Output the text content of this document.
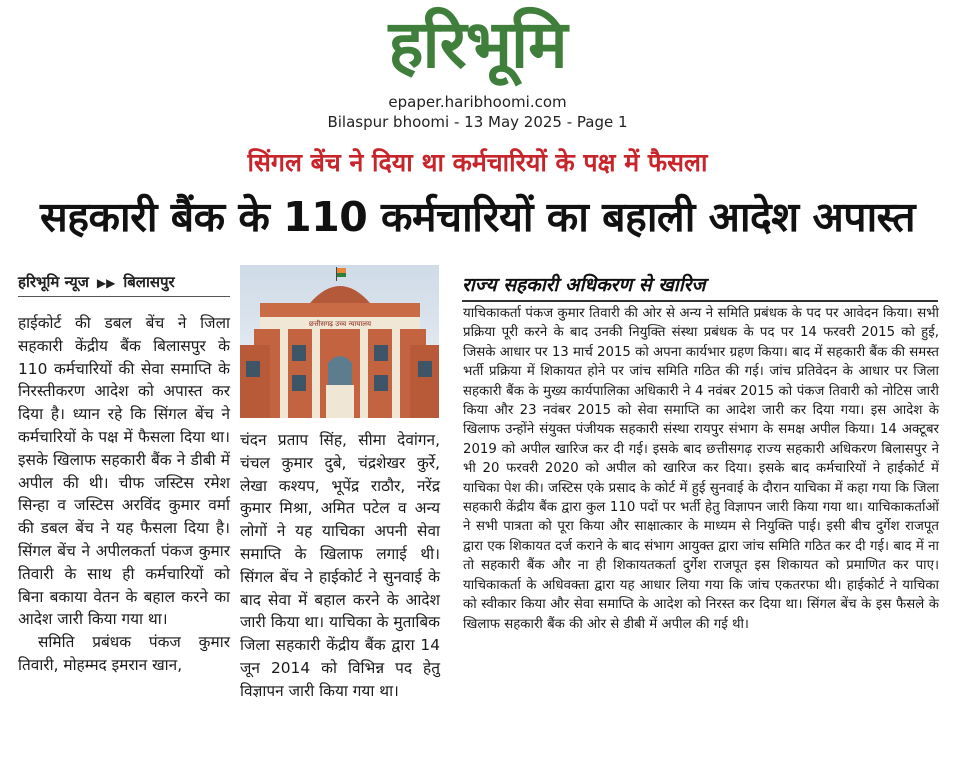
हरिभूमि
epaper.haribhoomi.com
Bilaspur bhoomi - 13 May 2025 - Page 1
सिंगल बेंच ने दिया था कर्मचारियों के पक्ष में फैसला
सहकारी बैंक के 110 कर्मचारियों का बहाली आदेश अपास्त
हरिभूमि न्यूज ▶▶ बिलासपुर

हाईकोर्ट की डबल बेंच ने जिला सहकारी केंद्रीय बैंक बिलासपुर के 110 कर्मचारियों की सेवा समाप्ति के निरस्तीकरण आदेश को अपास्त कर दिया है। ध्यान रहे कि सिंगल बेंच ने कर्मचारियों के पक्ष में फैसला दिया था। इसके खिलाफ सहकारी बैंक ने डीबी में अपील की थी। चीफ जस्टिस रमेश सिन्हा व जस्टिस अरविंद कुमार वर्मा की डबल बेंच ने यह फैसला दिया है। सिंगल बेंच ने अपीलकर्ता पंकज कुमार तिवारी के साथ ही कर्मचारियों को बिना बकाया वेतन के बहाल करने का आदेश जारी किया गया था।

समिति प्रबंधक पंकज कुमार तिवारी, मोहम्मद इमरान खान,

छत्तीसगढ़ उच्च न्यायालय

चंदन प्रताप सिंह, सीमा देवांगन, चंचल कुमार दुबे, चंद्रशेखर कुर्रे, लेखा कश्यप, भूपेंद्र राठौर, नरेंद्र कुमार मिश्रा, अमित पटेल व अन्य लोगों ने यह याचिका अपनी सेवा समाप्ति के खिलाफ लगाई थी। सिंगल बेंच ने हाईकोर्ट ने सुनवाई के बाद सेवा में बहाल करने के आदेश जारी किया था। याचिका के मुताबिक जिला सहकारी केंद्रीय बैंक द्वारा 14 जून 2014 को विभिन्न पद हेतु विज्ञापन जारी किया गया था।

राज्य सहकारी अधिकरण से खारिज
याचिकाकर्ता पंकज कुमार तिवारी की ओर से अन्य ने समिति प्रबंधक के पद पर आवेदन किया। सभी प्रक्रिया पूरी करने के बाद उनकी नियुक्ति संस्था प्रबंधक के पद पर 14 फरवरी 2015 को हुई, जिसके आधार पर 13 मार्च 2015 को अपना कार्यभार ग्रहण किया। बाद में सहकारी बैंक की समस्त भर्ती प्रक्रिया में शिकायत होने पर जांच समिति गठित की गई। जांच प्रतिवेदन के आधार पर जिला सहकारी बैंक के मुख्य कार्यपालिका अधिकारी ने 4 नवंबर 2015 को पंकज तिवारी को नोटिस जारी किया और 23 नवंबर 2015 को सेवा समाप्ति का आदेश जारी कर दिया गया। इस आदेश के खिलाफ उन्होंने संयुक्त पंजीयक सहकारी संस्था रायपुर संभाग के समक्ष अपील किया। 14 अक्टूबर 2019 को अपील खारिज कर दी गई। इसके बाद छत्तीसगढ़ राज्य सहकारी अधिकरण बिलासपुर ने भी 20 फरवरी 2020 को अपील को खारिज कर दिया। इसके बाद कर्मचारियों ने हाईकोर्ट में याचिका पेश की। जस्टिस एके प्रसाद के कोर्ट में हुई सुनवाई के दौरान याचिका में कहा गया कि जिला सहकारी केंद्रीय बैंक द्वारा कुल 110 पदों पर भर्ती हेतु विज्ञापन जारी किया गया था। याचिकाकर्ताओं ने सभी पात्रता को पूरा किया और साक्षात्कार के माध्यम से नियुक्ति पाई। इसी बीच दुर्गेश राजपूत द्वारा एक शिकायत दर्ज कराने के बाद संभाग आयुक्त द्वारा जांच समिति गठित कर दी गई। बाद में ना तो सहकारी बैंक और ना ही शिकायतकर्ता दुर्गेश राजपूत इस शिकायत को प्रमाणित कर पाए। याचिकाकर्ता के अधिवक्ता द्वारा यह आधार लिया गया कि जांच एकतरफा थी। हाईकोर्ट ने याचिका को स्वीकार किया और सेवा समाप्ति के आदेश को निरस्त कर दिया था। सिंगल बेंच के इस फैसले के खिलाफ सहकारी बैंक की ओर से डीबी में अपील की गई थी।
